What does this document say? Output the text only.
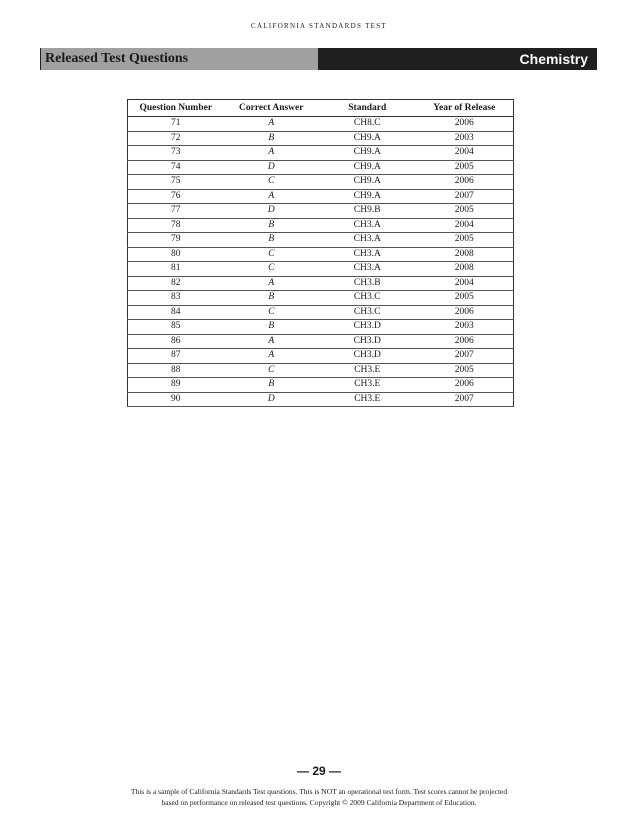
CALIFORNIA STANDARDS TEST
Released Test Questions	Chemistry
Question Number	Correct Answer	Standard	Year of Release
71	A	CH8.C	2006
72	B	CH9.A	2003
73	A	CH9.A	2004
74	D	CH9.A	2005
75	C	CH9.A	2006
76	A	CH9.A	2007
77	D	CH9.B	2005
78	B	CH3.A	2004
79	B	CH3.A	2005
80	C	CH3.A	2008
81	C	CH3.A	2008
82	A	CH3.B	2004
83	B	CH3.C	2005
84	C	CH3.C	2006
85	B	CH3.D	2003
86	A	CH3.D	2006
87	A	CH3.D	2007
88	C	CH3.E	2005
89	B	CH3.E	2006
90	D	CH3.E	2007
— 29 —
This is a sample of California Standards Test questions. This is NOT an operational test form. Test scores cannot be projected
based on performance on released test questions. Copyright © 2009 California Department of Education.
